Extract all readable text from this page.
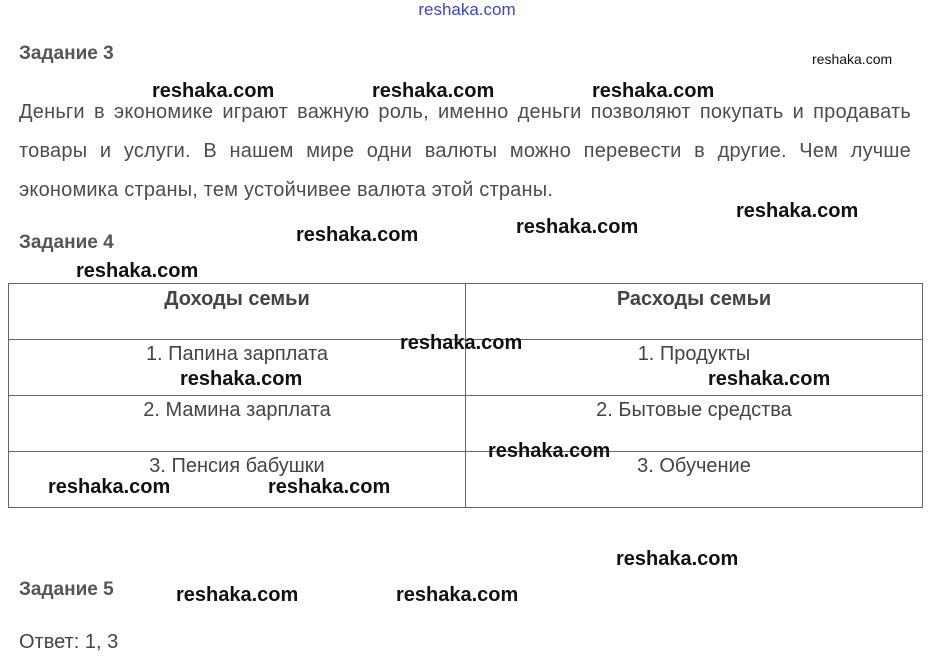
reshaka.com
Задание 3
Деньги в экономике играют важную роль, именно деньги позволяют покупать и продавать товары и услуги. В нашем мире одни валюты можно перевести в другие. Чем лучше экономика страны, тем устойчивее валюта этой страны.
Задание 4
Доходы семьи	Расходы семьи
1. Папина зарплата	1. Продукты
2. Мамина зарплата	2. Бытовые средства
3. Пенсия бабушки	3. Обучение
Задание 5
Ответ: 1, 3
reshaka.com
reshaka.com	reshaka.com	reshaka.com
reshaka.com
reshaka.com
reshaka.com
reshaka.com
reshaka.com
reshaka.com	reshaka.com
reshaka.com
reshaka.com	reshaka.com
reshaka.com
reshaka.com	reshaka.com
